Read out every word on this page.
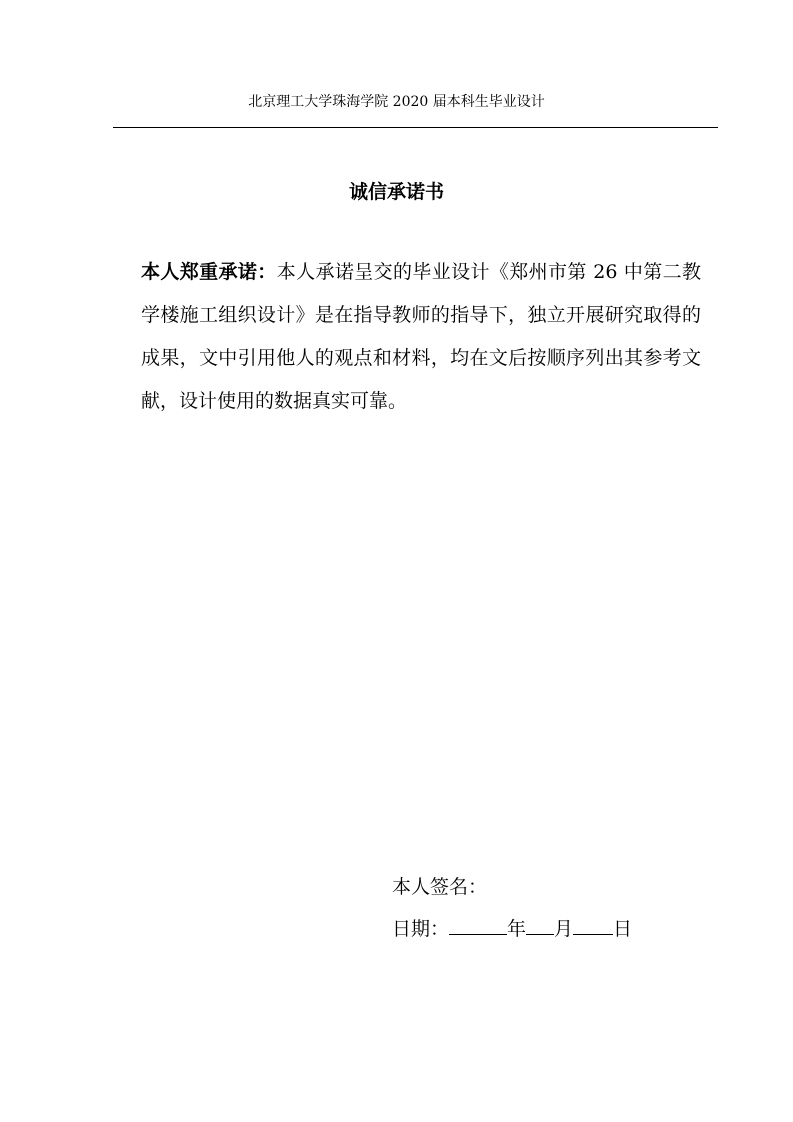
北京理工大学珠海学院 2020 届本科生毕业设计
诚信承诺书

本人郑重承诺：本人承诺呈交的毕业设计《郑州市第 26 中第二教学楼施工组织设计》是在指导教师的指导下，独立开展研究取得的成果，文中引用他人的观点和材料，均在文后按顺序列出其参考文献，设计使用的数据真实可靠。

本人签名：
日期：	年 月 日
